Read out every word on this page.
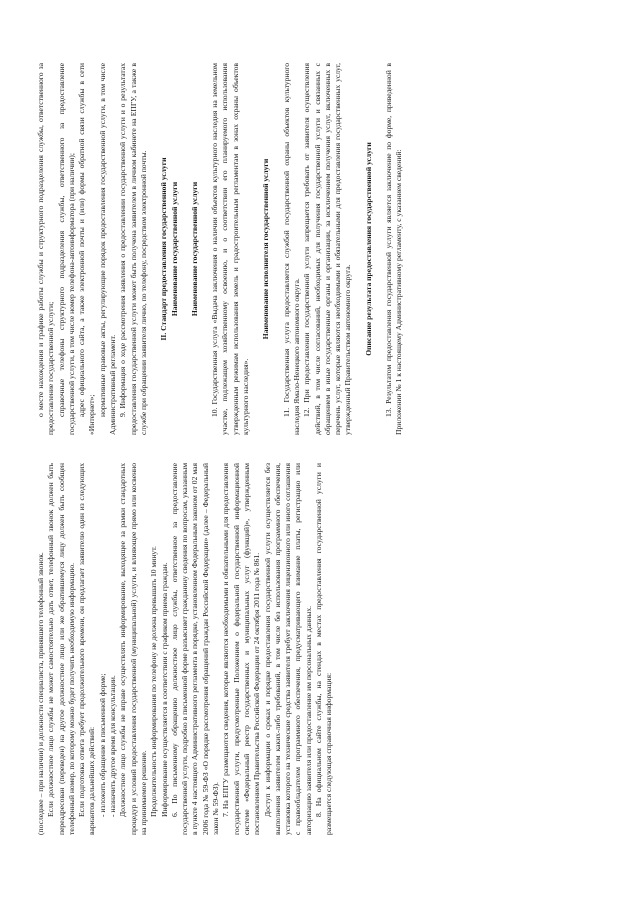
(последнее – при наличии) и должности специалиста, принявшего телефонный звонок. Если должностное лицо службы не может самостоятельно дать ответ, телефонный звонок должен быть переадресован (переведен) на другое должностное лицо или же обратившемуся лицу должен быть сообщен телефонный номер, по которому можно будет получить необходимую информацию. Если подготовка ответа требует продолжительного времени, он предлагает заявителю один из следующих вариантов дальнейших действий: - изложить обращение в письменной форме; - назначить другое время для консультации. Должностное лицо службы не вправе осуществлять информирование, выходящее за рамки стандартных процедур и условий предоставления государственной (муниципальной) услуги, и влияющее прямо или косвенно на принимаемое решение. Продолжительность информирования по телефону не должна превышать 10 минут. Информирование осуществляется в соответствии с графиком приема граждан. 6. По письменному обращению должностное лицо службы, ответственное за предоставление государственной услуги, подробно в письменной форме разъясняет гражданину сведения по вопросам, указанным в пункте 4 настоящего Административного регламента в порядке, установленном Федеральным законом от 02 мая 2006 года № 59-ФЗ «О порядке рассмотрения обращений граждан Российской Федерации» (далее – Федеральный закон № 59-ФЗ). 7. На ЕПГУ размещаются сведения, которые являются необходимыми и обязательными для предоставления государственной услуги, предусмотренные Положением о федеральной государственной информационной системе «Федеральный реестр государственных и муниципальных услуг (функций)», утвержденным постановлением Правительства Российской Федерации от 24 октября 2011 года № 861. Доступ к информации о сроках и порядке предоставления государственной услуги осуществляется без выполнения заявителем каких-либо требований, в том числе без использования программного обеспечения, установка которого на технические средства заявителя требует заключения лицензионного или иного соглашения с правообладателем программного обеспечения, предусматривающего взимание платы, регистрацию или авторизацию заявителя или предоставление им персональных данных. 8. На официальном сайте службы, на стендах в местах предоставления государственной услуги и размещается следующая справочная информация:

о месте нахождения и графике работы службы и структурного подразделения службы, ответственного за предоставление государственной услуги; справочные телефоны структурного подразделения службы, ответственного за предоставление государственной услуги, в том числе номер телефона-автоинформатора (при наличии); адрес официального сайта, а также электронной почты и (или) формы обратной связи службы в сети «Интернет»; нормативные правовые акты, регулирующие порядок предоставления государственной услуги, в том числе Административный регламент. 9. Информация о ходе рассмотрения заявления о предоставлении государственной услуги и о результатах предоставления государственной услуги может быть получена заявителем в личном кабинете на ЕПГУ, а также в службе при обращении заявителя лично, по телефону, посредством электронной почты. II. Стандарт предоставления государственной услуги Наименование государственной услуги Наименование государственной услуги 10. Государственная услуга «Выдача заключения о наличии объектов культурного наследия на земельном участке, подлежащем хозяйственному освоению, и о соответствии его планируемого использования утвержденным режимам использования земель и градостроительным регламентам в зонах охраны объектов культурного наследия».

Наименование исполнителя государственной услуги 11. Государственная услуга предоставляется службой государственной охраны объектов культурного наследия Ямало-Ненецкого автономного округа. 12. При предоставлении государственной услуги запрещается требовать от заявителя осуществления действий, в том числе согласований, необходимых для получения государственной услуги и связанных с обращением в иные государственные органы и организации, за исключением получения услуг, включенных в перечень услуг, которые являются необходимыми и обязательными для предоставления государственных услуг, утвержденный Правительством автономного округа. Описание результата предоставления государственной услуги 13. Результатом предоставления государственной услуги является заключение по форме, приведенной в Приложении № 1 к настоящему Административному регламенту, с указанием сведений:
